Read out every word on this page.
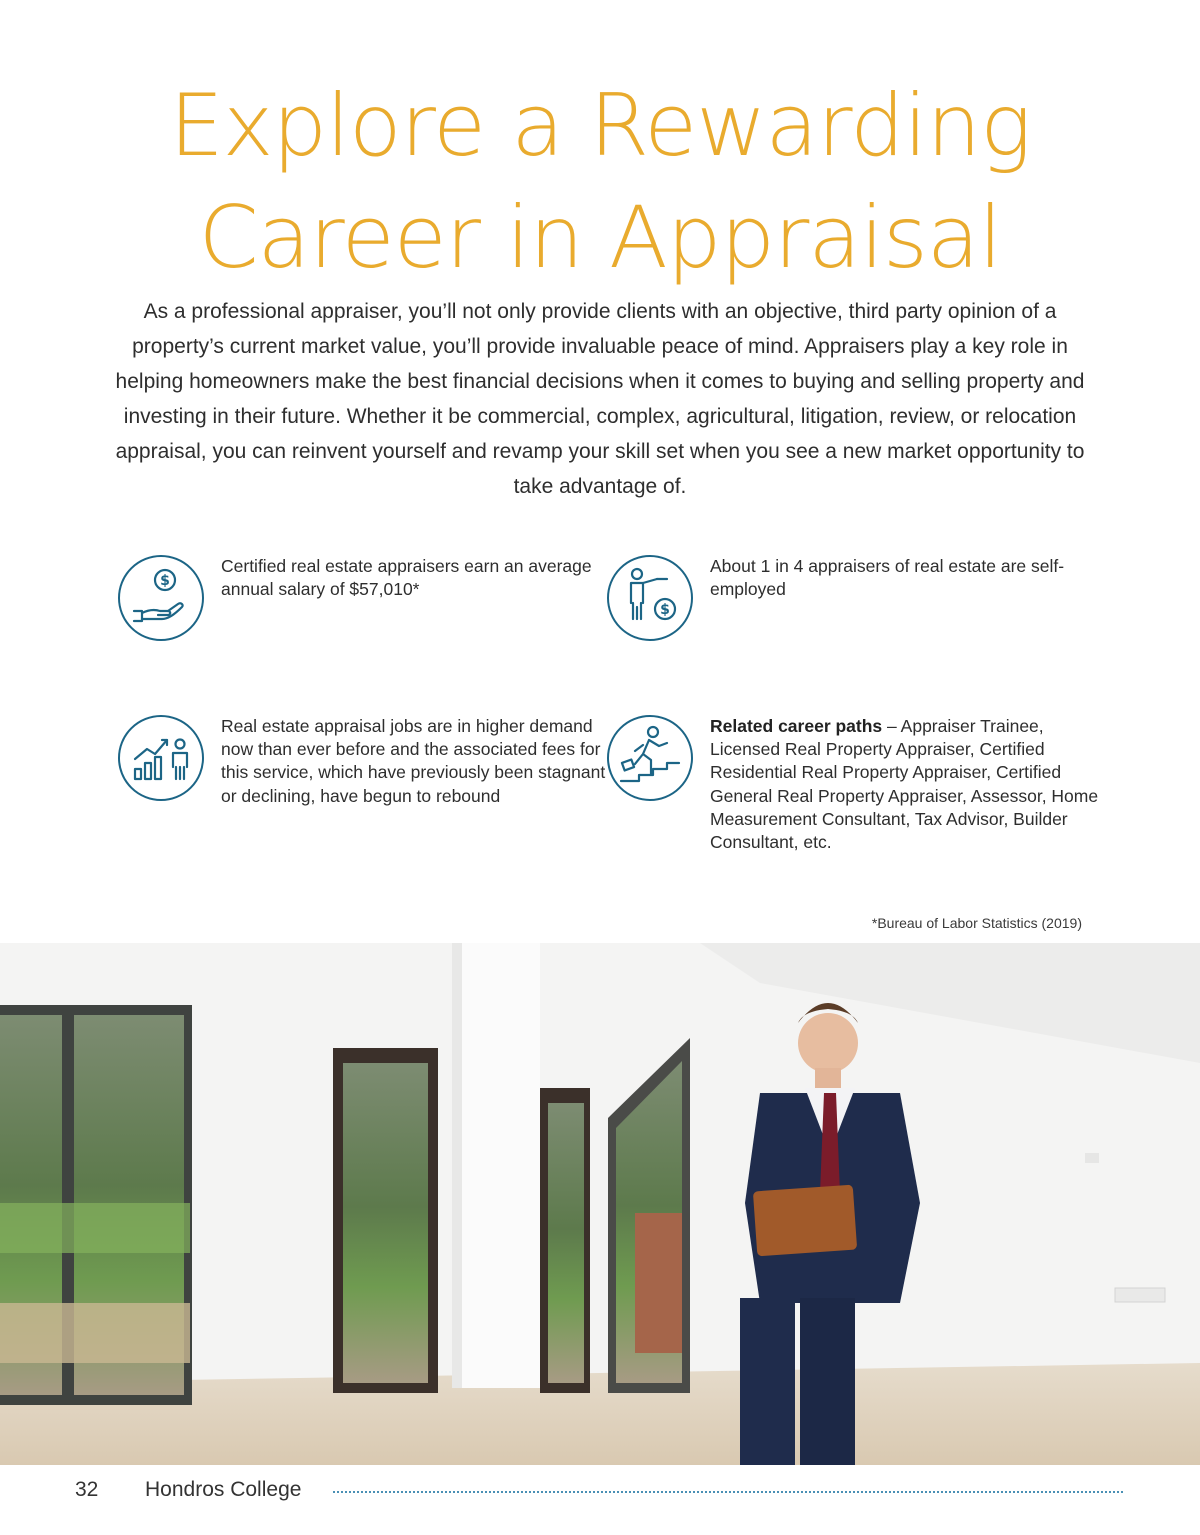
Explore a Rewarding
Career in Appraisal

As a professional appraiser, you’ll not only provide clients with an objective, third party opinion of a property’s current market value, you’ll provide invaluable peace of mind. Appraisers play a key role in helping homeowners make the best financial decisions when it comes to buying and selling property and investing in their future. Whether it be commercial, complex, agricultural, litigation, review, or relocation appraisal, you can reinvent yourself and revamp your skill set when you see a new market opportunity to take advantage of.

$
Certified real estate appraisers earn an average annual salary of $57,010*
$
About 1 in 4 appraisers of real estate are self-employed
Real estate appraisal jobs are in higher demand now than ever before and the associated fees for this service, which have previously been stagnant or declining, have begun to rebound
Related career paths – Appraiser Trainee, Licensed Real Property Appraiser, Certified Residential Real Property Appraiser, Certified General Real Property Appraiser, Assessor, Home Measurement Consultant, Tax Advisor, Builder Consultant, etc.
*Bureau of Labor Statistics (2019)
32 Hondros College
